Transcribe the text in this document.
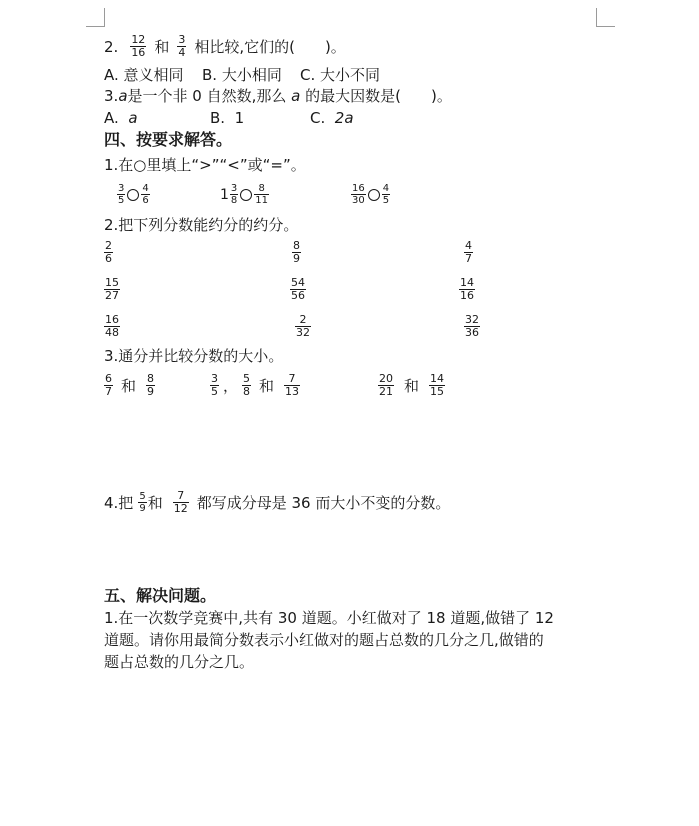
2. $\frac{12}{16}$ 和 $\frac{3}{4}$ 相比较,它们的(　　)。
A. 意义相同 B. 大小相同 C. 大小不同
3.a是一个非 0 自然数,那么 a 的最大因数是(　　)。
A. a	B. 1	C. 2a
四、按要求解答。
1.在○里填上“>”“<”或“=”。
$\frac{3}{5} \frac{4}{6}$	$1 \frac{3}{8} \frac{8}{11}$	$\frac{16}{30} \frac{4}{5}$
2.把下列分数能约分的约分。
$\frac{2}{6}$	$\frac{8}{9}$	$\frac{4}{7}$
$\frac{15}{27}$	$\frac{54}{56}$	$\frac{14}{16}$
$\frac{16}{48}$	$\frac{2}{32}$	$\frac{32}{36}$
3.通分并比较分数的大小。
$\frac{6}{7}$ 和 $\frac{8}{9}$	$\frac{3}{5}$ ， $\frac{5}{8}$ 和 $\frac{7}{13}$	$\frac{20}{21}$ 和 $\frac{14}{15}$
4.把 $\frac{5}{9}$ 和 $\frac{7}{12}$ 都写成分母是 36 而大小不变的分数。
五、解决问题。
1.在一次数学竞赛中,共有 30 道题。小红做对了 18 道题,做错了 12
道题。请你用最简分数表示小红做对的题占总数的几分之几,做错的
题占总数的几分之几。
